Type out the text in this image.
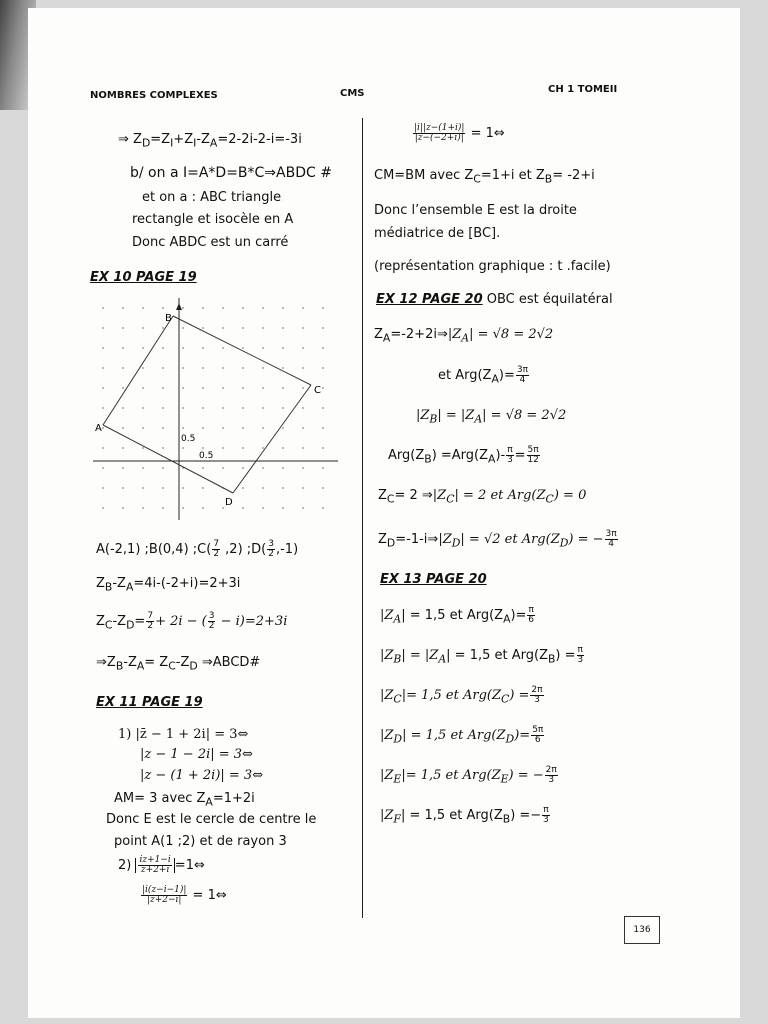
NOMBRES COMPLEXES	CMS	CH 1 TOMEII
⇒ $Z_D=Z_I+Z_I-Z_A=2-2i-2-i=-3i$
b/ on a I=A*D=B*C⇒ABDC #
et on a : ABC triangle
rectangle et isocèle en A
Donc ABDC est un carré
EX 10 PAGE 19
B
C
D
A
0.5
0.5
A(-2,1) ;B(0,4) ;C( $\frac{7}{2} ,2$) ;D( $\frac{3}{2} ,-1$)
$Z_B-Z_A=4i-(-2+i)=2+3i$
$Z_C-Z_D= \frac{7}{2} + 2i$ − ( $\frac{3}{2} - i)=2+3i$
$\Rightarrow Z_B-Z_A= Z_C-Z_D$ ⇒ABCD#
EX 11 PAGE 19
1) |z̄ − 1 + 2i| = 3⇔
|z − 1 − 2i| = 3⇔
|z − (1 + 2i)| = 3⇔
AM= 3 avec $Z_A=1+2i$
Donc E est le cercle de centre le
point A(1 ;2) et de rayon 3
$2) \frac{iz+1-i}{z̄+2+i}$ =1⇔
$\frac{|i(z-i-1)|}{|z+2-i|}$ = 1⇔
$\frac{|i||z-(1+i)|}{|z-(-2+i)|}$ = 1⇔
CM=BM avec $Z_C=1+i$ et $Z_B= -2+i$
Donc l’ensemble E est la droite
médiatrice de [BC].
(représentation graphique : t .facile)
EX 12 PAGE 20 OBC est équilatéral
$Z_A=-2+2i\Rightarrow|Z_A| = √8 = 2√2$
et $Arg(Z_A)= \frac{3\pi}{4}$
$|Z_B| = |Z_A| = √8 = 2√2$
$Arg(Z_B) =Arg(Z_A)- \frac{\pi}{3} = \frac{5\pi}{12}$
$Z_C= 2$ $\Rightarrow|Z_C| = 2$ et $Arg(Z_C) = 0$
$Z_D=-1-i\Rightarrow|Z_D| = √2$ et $Arg(Z_D)$ = − $\frac{3\pi}{4}$
EX 13 PAGE 20
$|Z_A| = 1,5$ et $Arg(Z_A)= \frac{\pi}{6}$
$|Z_B| = |Z_A| = 1,5$ et $Arg(Z_B) = \frac{\pi}{3}$
$|Z_C|= 1,5$ et $Arg(Z_C) = \frac{2\pi}{3}$
$|Z_D| = 1,5$ et $Arg(Z_D)= \frac{5\pi}{6}$
$|Z_E|= 1,5$ et $Arg(Z_E)$ = − $\frac{2\pi}{3}$
$|Z_F| = 1,5$ et $Arg(Z_B) =- \frac{\pi}{3}$
136
